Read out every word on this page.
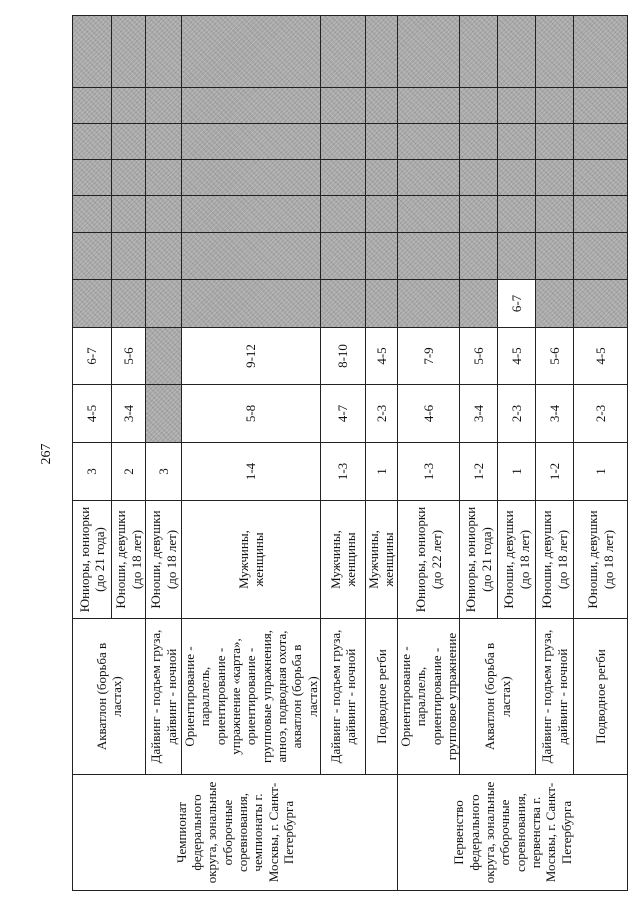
267
Чемпионат федерального округа, зональные отборочные соревнования, чемпионаты г. Москвы, г. Санкт-Петербурга	Акватлон (борьба в ластах)	Юниоры, юниорки (до 21 года)	3	4-5	6-7							
		Юноши, девушки (до 18 лет)	2	3-4	5-6							
	Дайвинг - подъем груза, дайвинг - ночной	Юноши, девушки (до 18 лет)	3									
	Ориентирование - параллель, ориентирование - упражнение «карта», ориентирование - групповые упражнения, апноэ, подводная охота, акватлон (борьба в ластах)	Мужчины, женщины	1-4	5-8	9-12							
	Дайвинг - подъем груза, дайвинг - ночной	Мужчины, женщины	1-3	4-7	8-10							
	Подводное регби	Мужчины, женщины	1	2-3	4-5							
Первенство федерального округа, зональные отборочные соревнования, первенства г. Москвы, г. Санкт-Петербурга	Ориентирование - параллель, ориентирование - групповое упражнение	Юниоры, юниорки (до 22 лет)	1-3	4-6	7-9							
	Акватлон (борьба в ластах)	Юниоры, юниорки (до 21 года)	1-2	3-4	5-6							
		Юноши, девушки (до 18 лет)	1	2-3	4-5	6-7						
	Дайвинг - подъем груза, дайвинг - ночной	Юноши, девушки (до 18 лет)	1-2	3-4	5-6							
	Подводное регби	Юноши, девушки (до 18 лет)	1	2-3	4-5							
